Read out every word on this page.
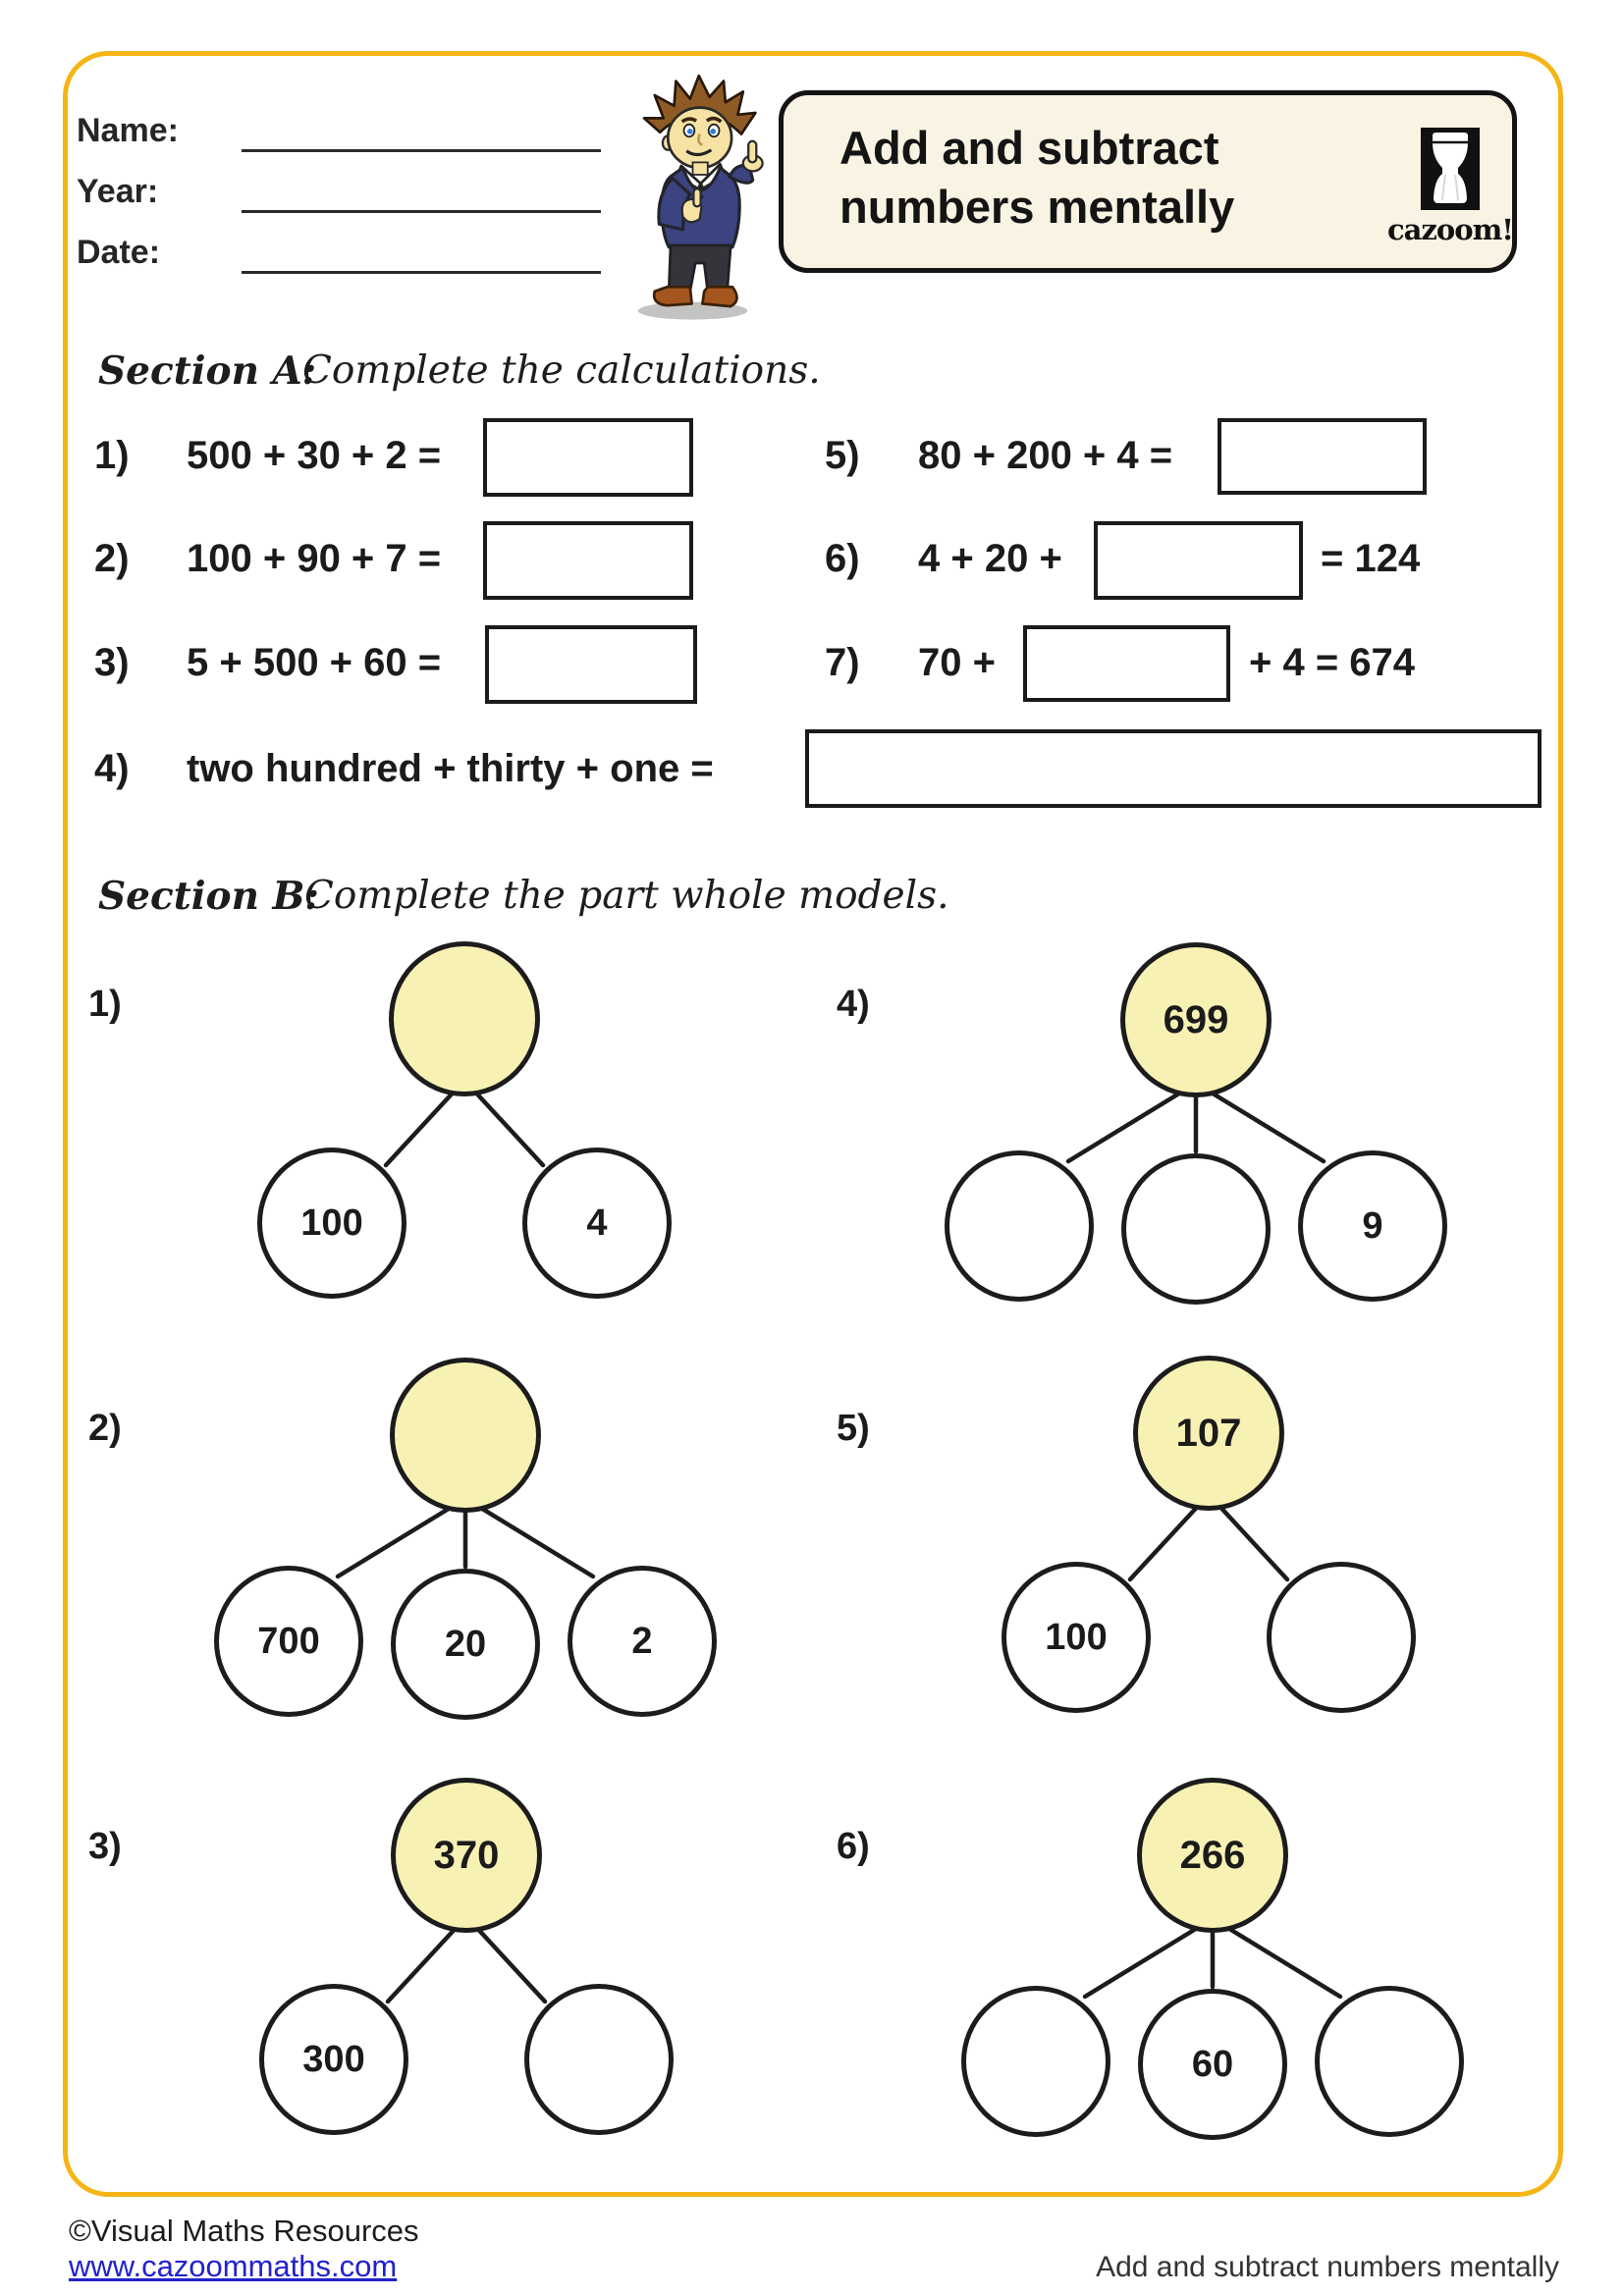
Name:
Year:
Date:
Add and subtract
numbers mentally	cazoom!
Section A:
Complete the calculations.
1) 500 + 30 + 2 =
2) 100 + 90 + 7 =
3) 5 + 500 + 60 =
4) two hundred + thirty + one =
5) 80 + 200 + 4 =
6) 4 + 20 +	= 124
7) 70 +	+ 4 = 674
Section B:
Complete the part whole models.
1)	4)
2)	5)
3)	6)
100	4
699
9
700	20	2
107
100
370
300
266
60
©Visual Maths Resources
www.cazoommaths.com	Add and subtract numbers mentally
